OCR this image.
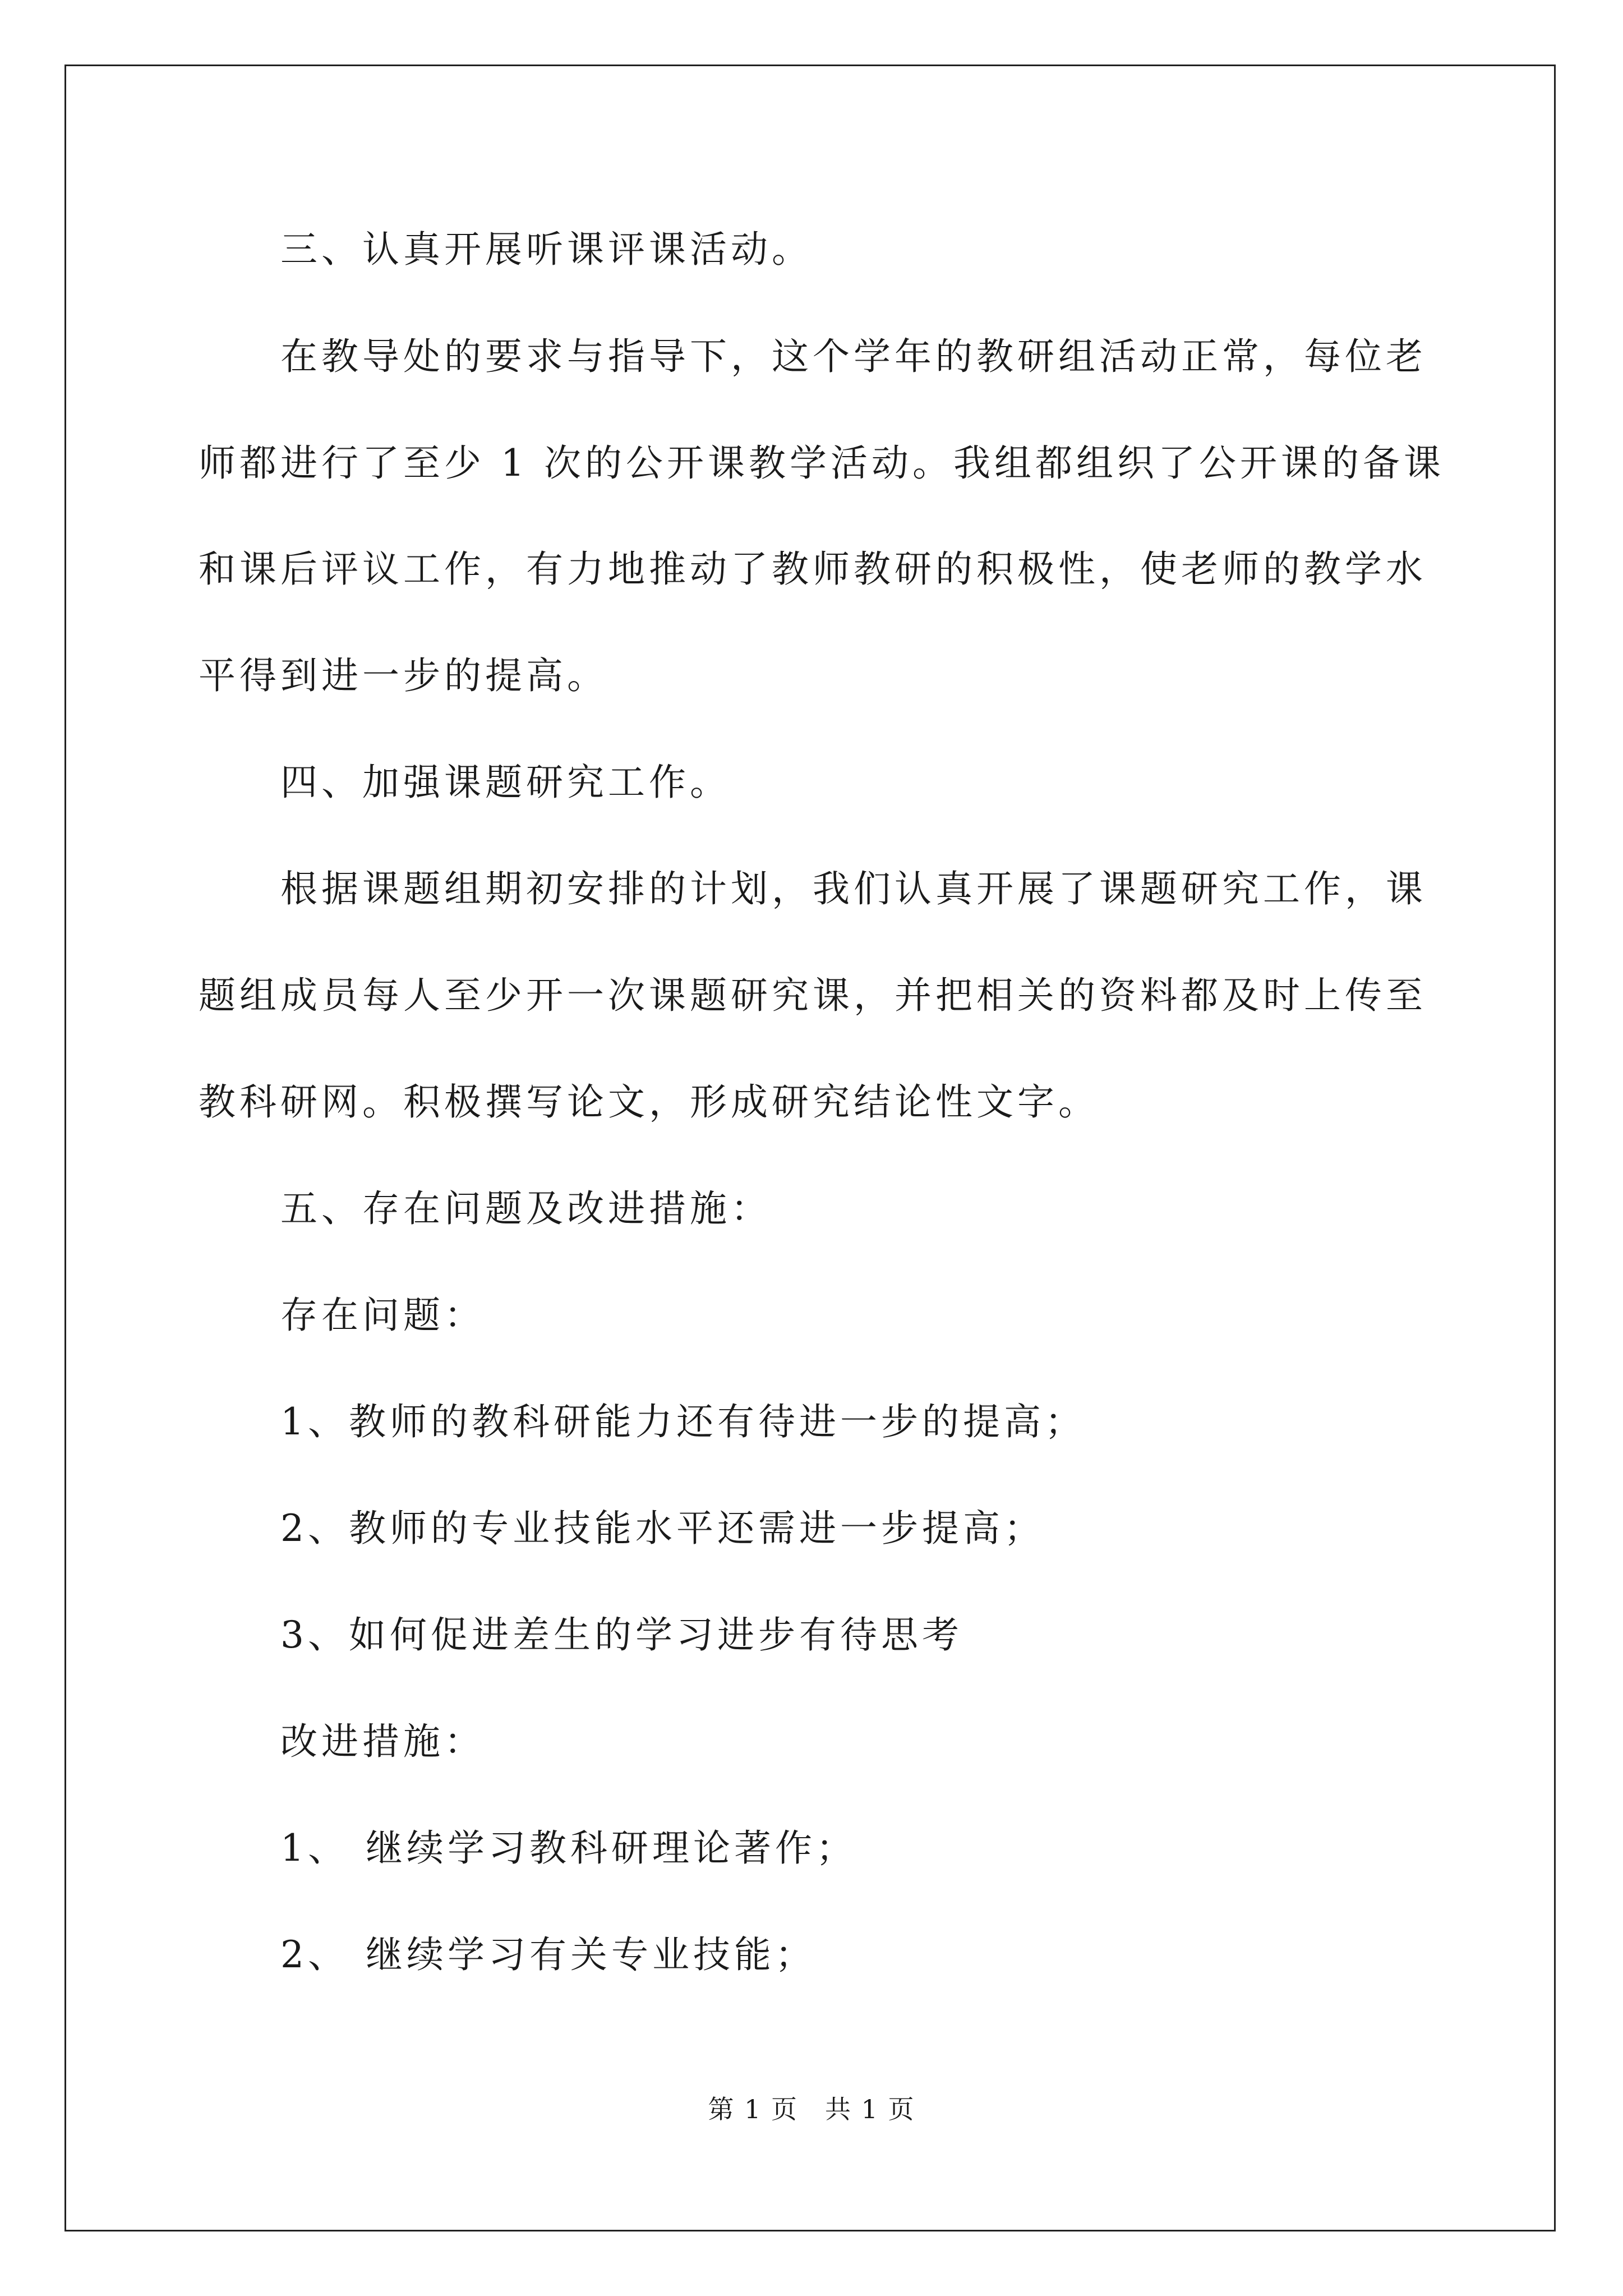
三、认真开展听课评课活动。
在教导处的要求与指导下，这个学年的教研组活动正常，每位老
师都进行了至少 1 次的公开课教学活动。我组都组织了公开课的备课
和课后评议工作，有力地推动了教师教研的积极性，使老师的教学水
平得到进一步的提高。
四、加强课题研究工作。
根据课题组期初安排的计划，我们认真开展了课题研究工作，课
题组成员每人至少开一次课题研究课，并把相关的资料都及时上传至
教科研网。积极撰写论文，形成研究结论性文字。
五、存在问题及改进措施：
存在问题：
1、教师的教科研能力还有待进一步的提高；
2、教师的专业技能水平还需进一步提高；
3、如何促进差生的学习进步有待思考
改进措施：
1、 继续学习教科研理论著作；
2、 继续学习有关专业技能；
第 1 页　共 1 页
